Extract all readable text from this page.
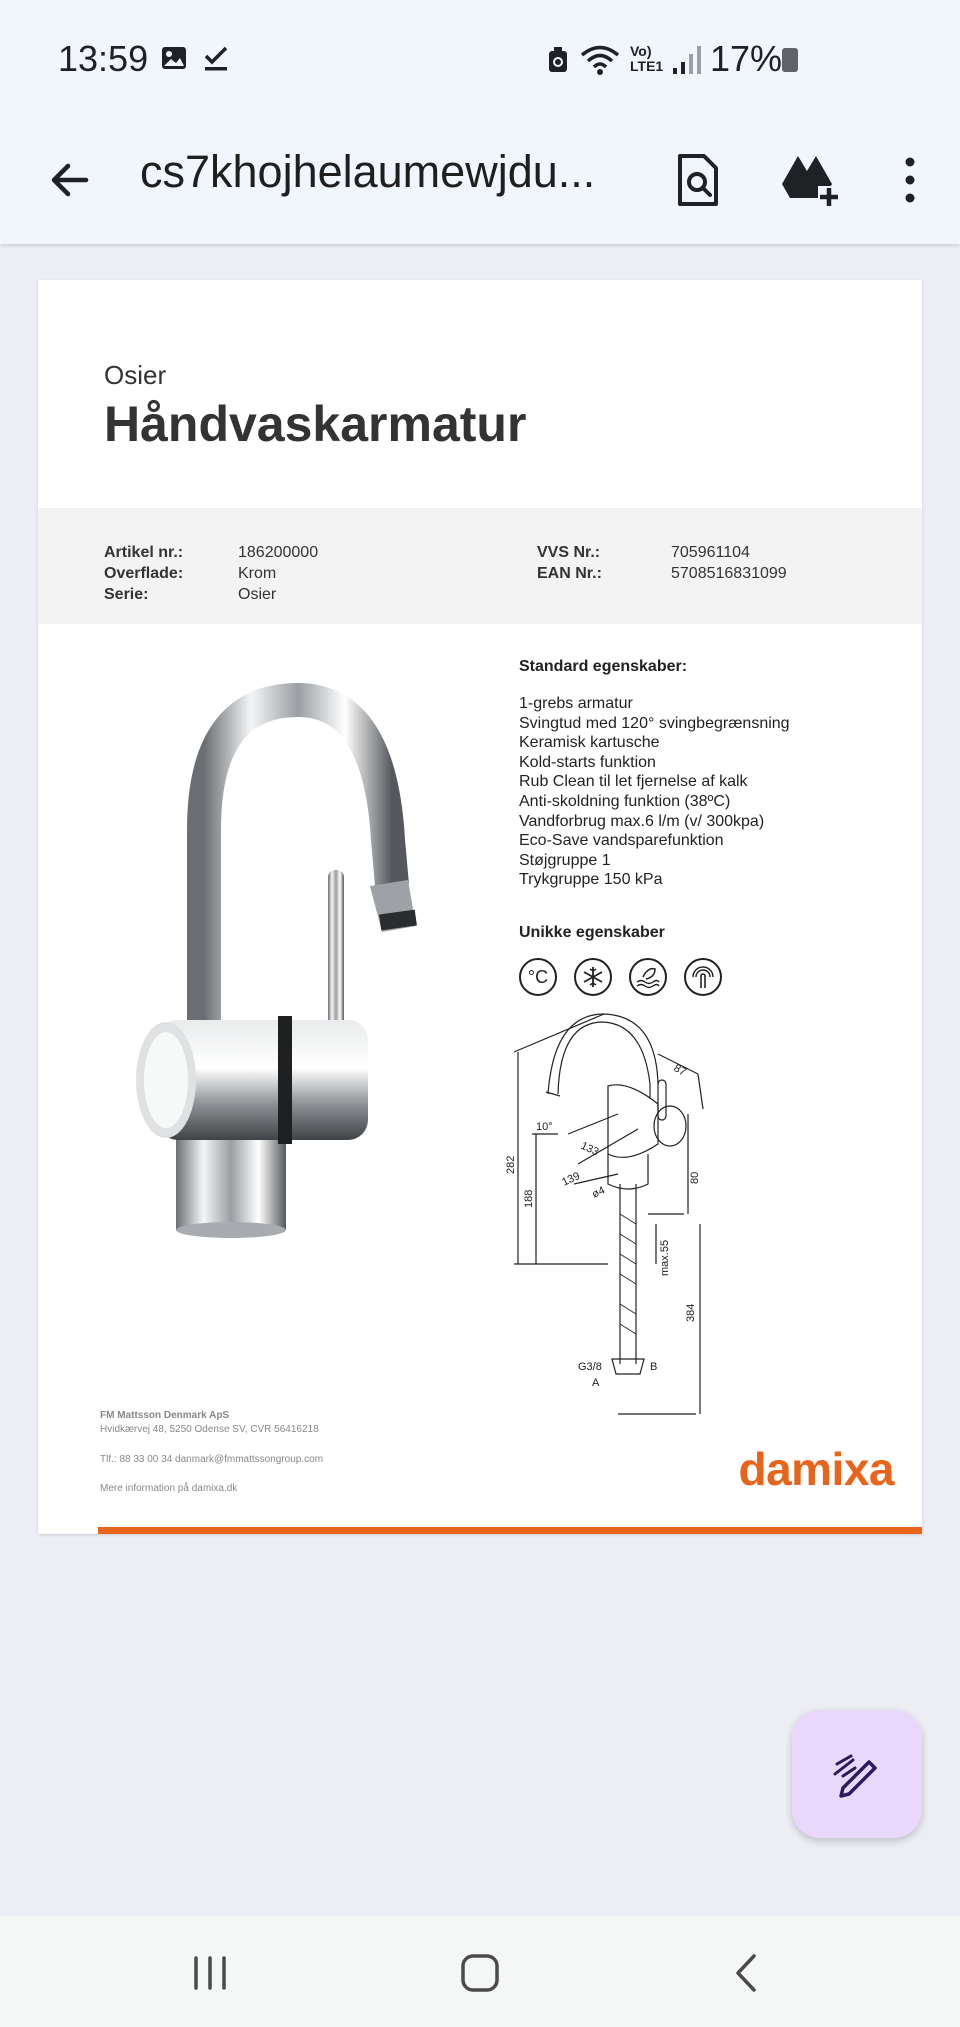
13:59	Vo) LTE1 17%
cs7khojhelaumewjdu...
Osier
Håndvaskarmatur
Artikel nr.:	186200000
Overflade:	Krom
Serie:	Osier
VVS Nr.:	705961104
EAN Nr.:	5708516831099
Standard egenskaber:
1-grebs armatur
Svingtud med 120° svingbegrænsning
Keramisk kartusche
Kold-starts funktion
Rub Clean til let fjernelse af kalk
Anti-skoldning funktion (38ºC)
Vandforbrug max.6 l/m (v/ 300kpa)
Eco-Save vandsparefunktion
Støjgruppe 1
Trykgruppe 150 kPa
Unikke egenskaber
°C
87
10°
282
188
133
139	80
ø4
max.55
384
G3/8
A
B
FM Mattsson Denmark ApS
Hvidkærvej 48, 5250 Odense SV, CVR 56416218
Tlf.: 88 33 00 34 danmark@fmmattssongroup.com
Mere information på damixa.dk	damixa
